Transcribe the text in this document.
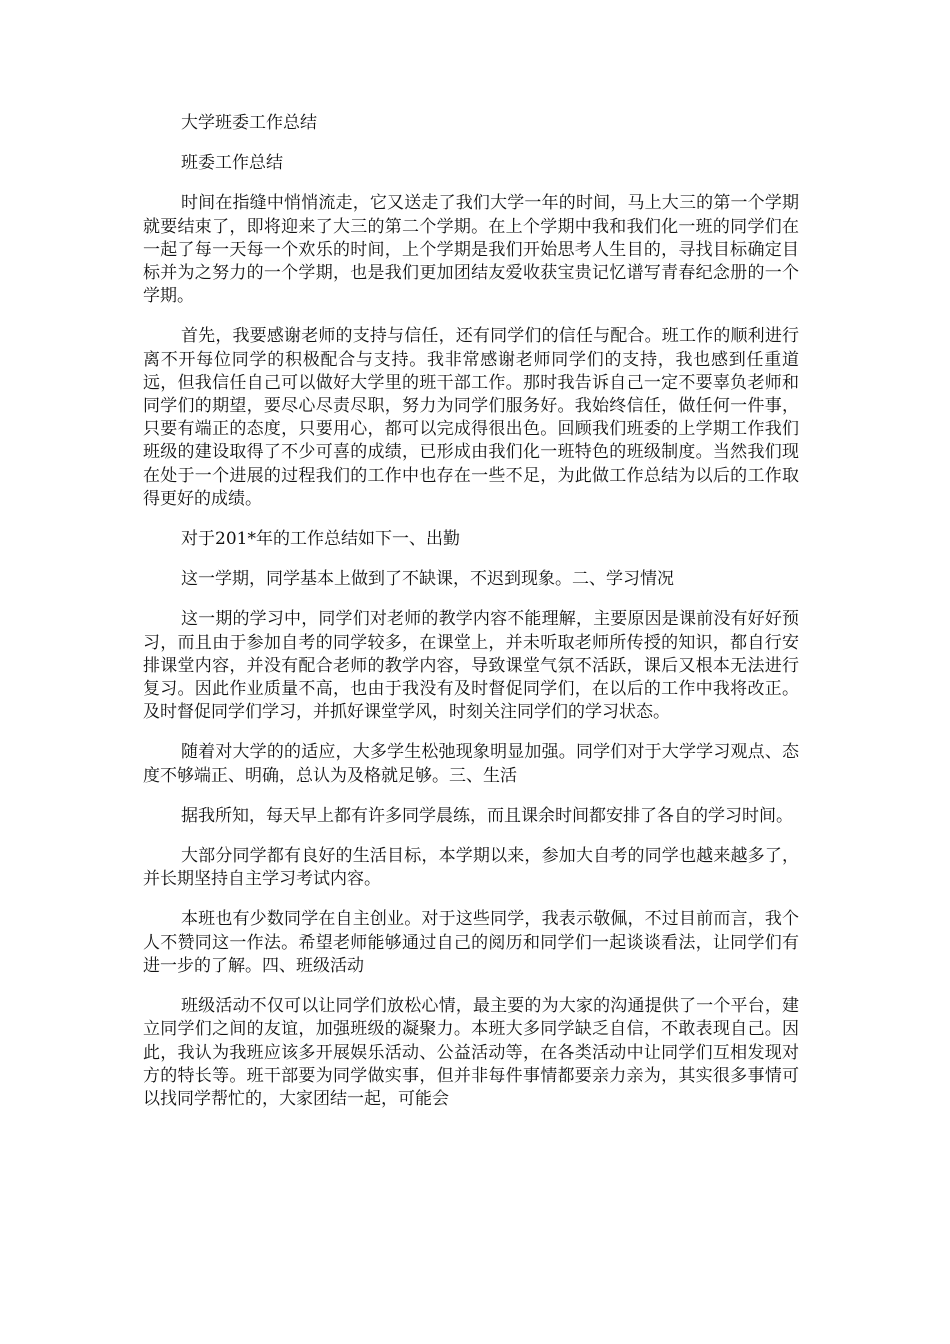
大学班委工作总结

班委工作总结

时间在指缝中悄悄流走，它又送走了我们大学一年的时间，马上大三的第一个学期就要结束了，即将迎来了大三的第二个学期。在上个学期中我和我们化一班的同学们在一起了每一天每一个欢乐的时间，上个学期是我们开始思考人生目的，寻找目标确定目标并为之努力的一个学期，也是我们更加团结友爱收获宝贵记忆谱写青春纪念册的一个学期。

首先，我要感谢老师的支持与信任，还有同学们的信任与配合。班工作的顺利进行离不开每位同学的积极配合与支持。我非常感谢老师同学们的支持，我也感到任重道远，但我信任自己可以做好大学里的班干部工作。那时我告诉自己一定不要辜负老师和同学们的期望，要尽心尽责尽职，努力为同学们服务好。我始终信任，做任何一件事，只要有端正的态度，只要用心，都可以完成得很出色。回顾我们班委的上学期工作我们班级的建设取得了不少可喜的成绩，已形成由我们化一班特色的班级制度。当然我们现在处于一个进展的过程我们的工作中也存在一些不足，为此做工作总结为以后的工作取得更好的成绩。

对于201*年的工作总结如下一、出勤

这一学期，同学基本上做到了不缺课，不迟到现象。二、学习情况

这一期的学习中，同学们对老师的教学内容不能理解，主要原因是课前没有好好预习，而且由于参加自考的同学较多，在课堂上，并未听取老师所传授的知识，都自行安排课堂内容，并没有配合老师的教学内容，导致课堂气氛不活跃，课后又根本无法进行复习。因此作业质量不高，也由于我没有及时督促同学们，在以后的工作中我将改正。及时督促同学们学习，并抓好课堂学风，时刻关注同学们的学习状态。

随着对大学的的适应，大多学生松弛现象明显加强。同学们对于大学学习观点、态度不够端正、明确，总认为及格就足够。三、生活

据我所知，每天早上都有许多同学晨练，而且课余时间都安排了各自的学习时间。

大部分同学都有良好的生活目标，本学期以来，参加大自考的同学也越来越多了，并长期坚持自主学习考试内容。

本班也有少数同学在自主创业。对于这些同学，我表示敬佩，不过目前而言，我个人不赞同这一作法。希望老师能够通过自己的阅历和同学们一起谈谈看法，让同学们有进一步的了解。四、班级活动

班级活动不仅可以让同学们放松心情，最主要的为大家的沟通提供了一个平台，建立同学们之间的友谊，加强班级的凝聚力。本班大多同学缺乏自信，不敢表现自己。因此，我认为我班应该多开展娱乐活动、公益活动等，在各类活动中让同学们互相发现对方的特长等。班干部要为同学做实事，但并非每件事情都要亲力亲为，其实很多事情可以找同学帮忙的，大家团结一起，可能会
